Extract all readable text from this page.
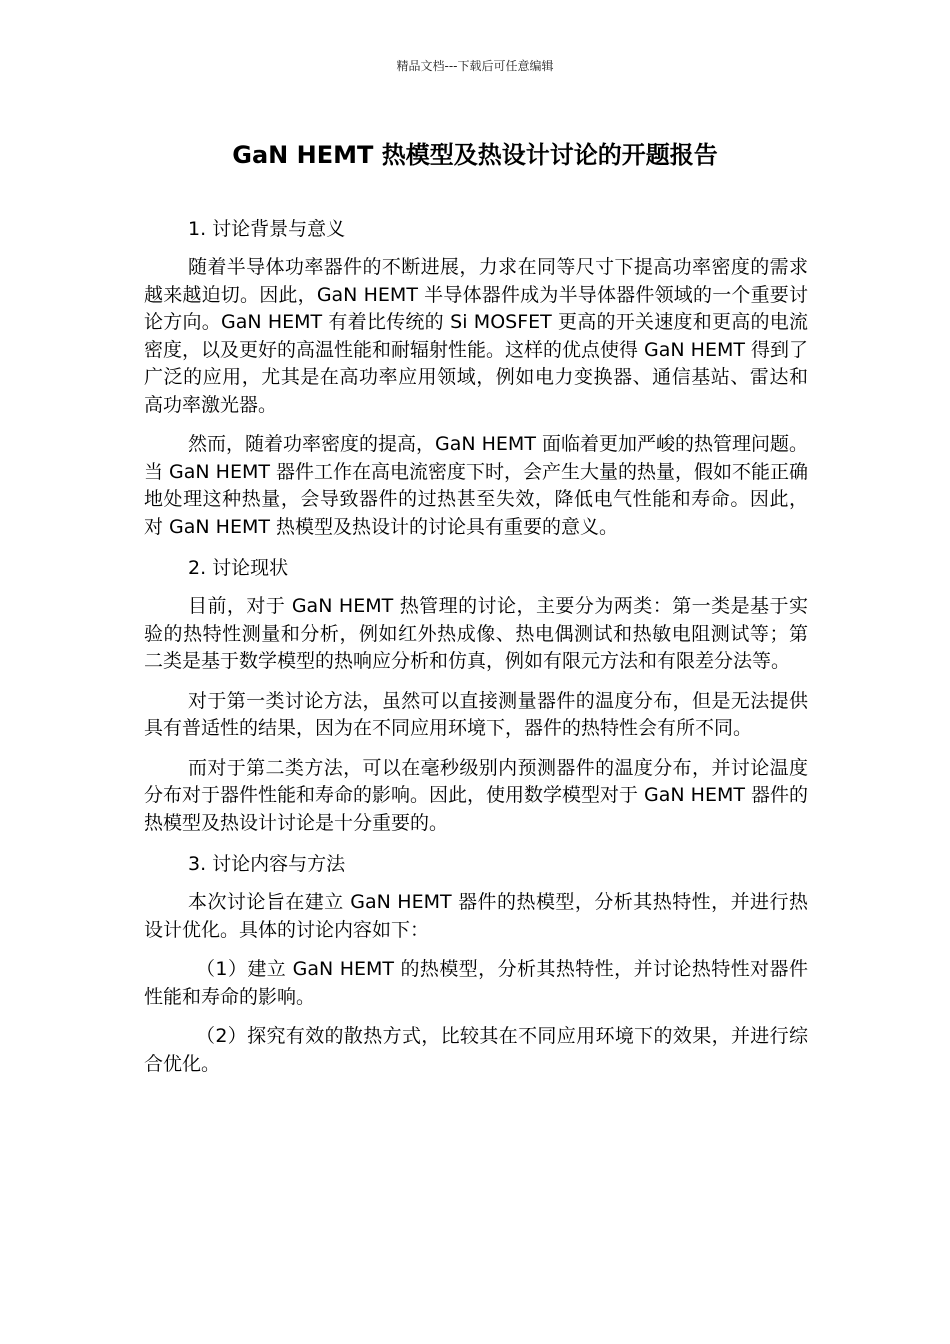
精品文档---下载后可任意编辑
GaN HEMT 热模型及热设计讨论的开题报告

1. 讨论背景与意义

随着半导体功率器件的不断进展，力求在同等尺寸下提高功率密度的需求越来越迫切。因此，GaN HEMT 半导体器件成为半导体器件领域的一个重要讨论方向。GaN HEMT 有着比传统的 Si MOSFET 更高的开关速度和更高的电流密度，以及更好的高温性能和耐辐射性能。这样的优点使得 GaN HEMT 得到了广泛的应用，尤其是在高功率应用领域，例如电力变换器、通信基站、雷达和高功率激光器。

然而，随着功率密度的提高，GaN HEMT 面临着更加严峻的热管理问题。当 GaN HEMT 器件工作在高电流密度下时，会产生大量的热量，假如不能正确地处理这种热量，会导致器件的过热甚至失效，降低电气性能和寿命。因此，对 GaN HEMT 热模型及热设计的讨论具有重要的意义。

2. 讨论现状

目前，对于 GaN HEMT 热管理的讨论，主要分为两类：第一类是基于实验的热特性测量和分析，例如红外热成像、热电偶测试和热敏电阻测试等；第二类是基于数学模型的热响应分析和仿真，例如有限元方法和有限差分法等。

对于第一类讨论方法，虽然可以直接测量器件的温度分布，但是无法提供具有普适性的结果，因为在不同应用环境下，器件的热特性会有所不同。

而对于第二类方法，可以在毫秒级别内预测器件的温度分布，并讨论温度分布对于器件性能和寿命的影响。因此，使用数学模型对于 GaN HEMT 器件的热模型及热设计讨论是十分重要的。

3. 讨论内容与方法

本次讨论旨在建立 GaN HEMT 器件的热模型，分析其热特性，并进行热设计优化。具体的讨论内容如下：

（1）建立 GaN HEMT 的热模型，分析其热特性，并讨论热特性对器件性能和寿命的影响。

（2）探究有效的散热方式，比较其在不同应用环境下的效果，并进行综合优化。
